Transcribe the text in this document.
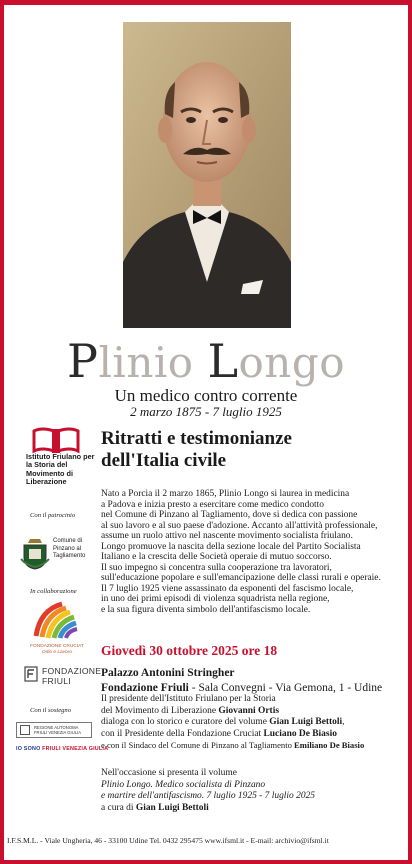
Plinio Longo
Un medico contro corrente
2 marzo 1875 - 7 luglio 1925
Istituto Friulano per la Storia del Movimento di Liberazione
Con il patrocinio
Comune di
Pinzano al
Tagliamento
In collaborazione
FONDAZIONE CRUCIAT
Odio e Lavoro
FONDAZIONE
FRIULI
Con il sostegno
REGIONE AUTONOMA
FRIULI VENEZIA GIULIA
IO SONO FRIULI VENEZIA GIULIA
Ritratti e testimonianze
dell'Italia civile
Nato a Porcia il 2 marzo 1865, Plinio Longo si laurea in medicina
a Padova e inizia presto a esercitare come medico condotto
nel Comune di Pinzano al Tagliamento, dove si dedica con passione
al suo lavoro e al suo paese d'adozione. Accanto all'attività professionale,
assume un ruolo attivo nel nascente movimento socialista friulano.
Longo promuove la nascita della sezione locale del Partito Socialista
Italiano e la crescita delle Società operaie di mutuo soccorso.
Il suo impegno si concentra sulla cooperazione tra lavoratori,
sull'educazione popolare e sull'emancipazione delle classi rurali e operaie.
Il 7 luglio 1925 viene assassinato da esponenti del fascismo locale,
in uno dei primi episodi di violenza squadrista nella regione,
e la sua figura diventa simbolo dell'antifascismo locale.
Giovedì 30 ottobre 2025 ore 18
Palazzo Antonini Stringher
Fondazione Friuli - Sala Convegni - Via Gemona, 1 - Udine
Il presidente dell'Istituto Friulano per la Storia
del Movimento di Liberazione Giovanni Ortis
dialoga con lo storico e curatore del volume Gian Luigi Bettoli,
con il Presidente della Fondazione Cruciat Luciano De Biasio
e con il Sindaco del Comune di Pinzano al Tagliamento Emiliano De Biasio
Nell'occasione si presenta il volume
Plinio Longo. Medico socialista di Pinzano
e martire dell'antifascismo. 7 luglio 1925 - 7 luglio 2025
a cura di Gian Luigi Bettoli
I.F.S.M.L. - Viale Ungheria, 46 - 33100 Udine Tel. 0432 295475 www.ifsml.it - E-mail: archivio@ifsml.it
